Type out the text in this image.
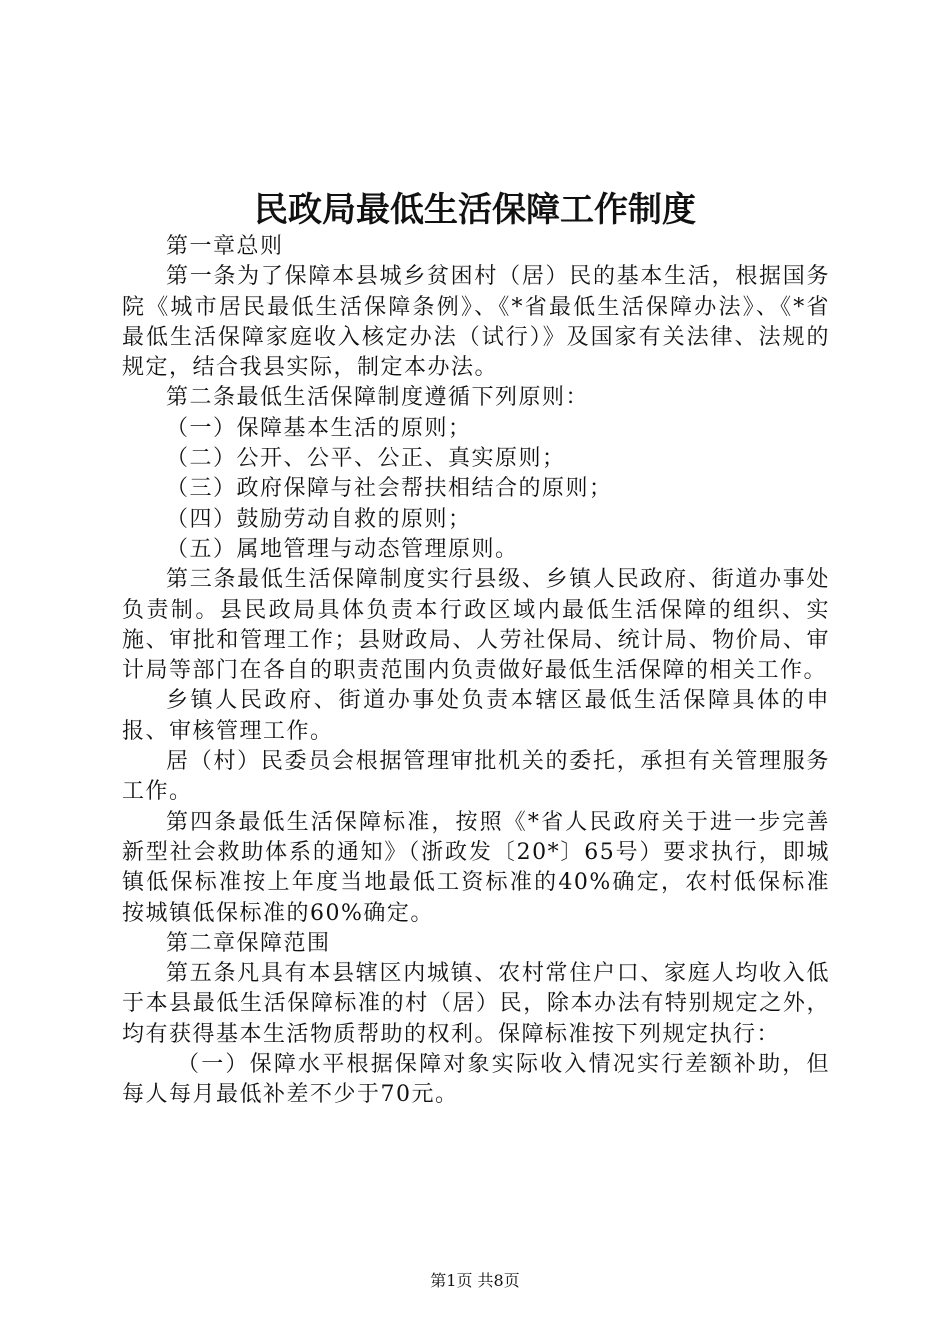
民政局最低生活保障工作制度

第一章总则

第一条为了保障本县城乡贫困村（居）民的基本生活，根据国务院《城市居民最低生活保障条例》、《*省最低生活保障办法》、《*省最低生活保障家庭收入核定办法（试行）》及国家有关法律、法规的规定，结合我县实际，制定本办法。

第二条最低生活保障制度遵循下列原则：

（一）保障基本生活的原则；

（二）公开、公平、公正、真实原则；

（三）政府保障与社会帮扶相结合的原则；

（四）鼓励劳动自救的原则；

（五）属地管理与动态管理原则。

第三条最低生活保障制度实行县级、乡镇人民政府、街道办事处负责制。县民政局具体负责本行政区域内最低生活保障的组织、实施、审批和管理工作；县财政局、人劳社保局、统计局、物价局、审计局等部门在各自的职责范围内负责做好最低生活保障的相关工作。

乡镇人民政府、街道办事处负责本辖区最低生活保障具体的申报、审核管理工作。

居（村）民委员会根据管理审批机关的委托，承担有关管理服务工作。

第四条最低生活保障标准，按照《*省人民政府关于进一步完善新型社会救助体系的通知》（浙政发〔20*〕65号）要求执行，即城镇低保标准按上年度当地最低工资标准的40%确定，农村低保标准按城镇低保标准的60%确定。

第二章保障范围

第五条凡具有本县辖区内城镇、农村常住户口、家庭人均收入低于本县最低生活保障标准的村（居）民，除本办法有特别规定之外，均有获得基本生活物质帮助的权利。保障标准按下列规定执行：

（一）保障水平根据保障对象实际收入情况实行差额补助，但每人每月最低补差不少于70元。

第1页 共8页
